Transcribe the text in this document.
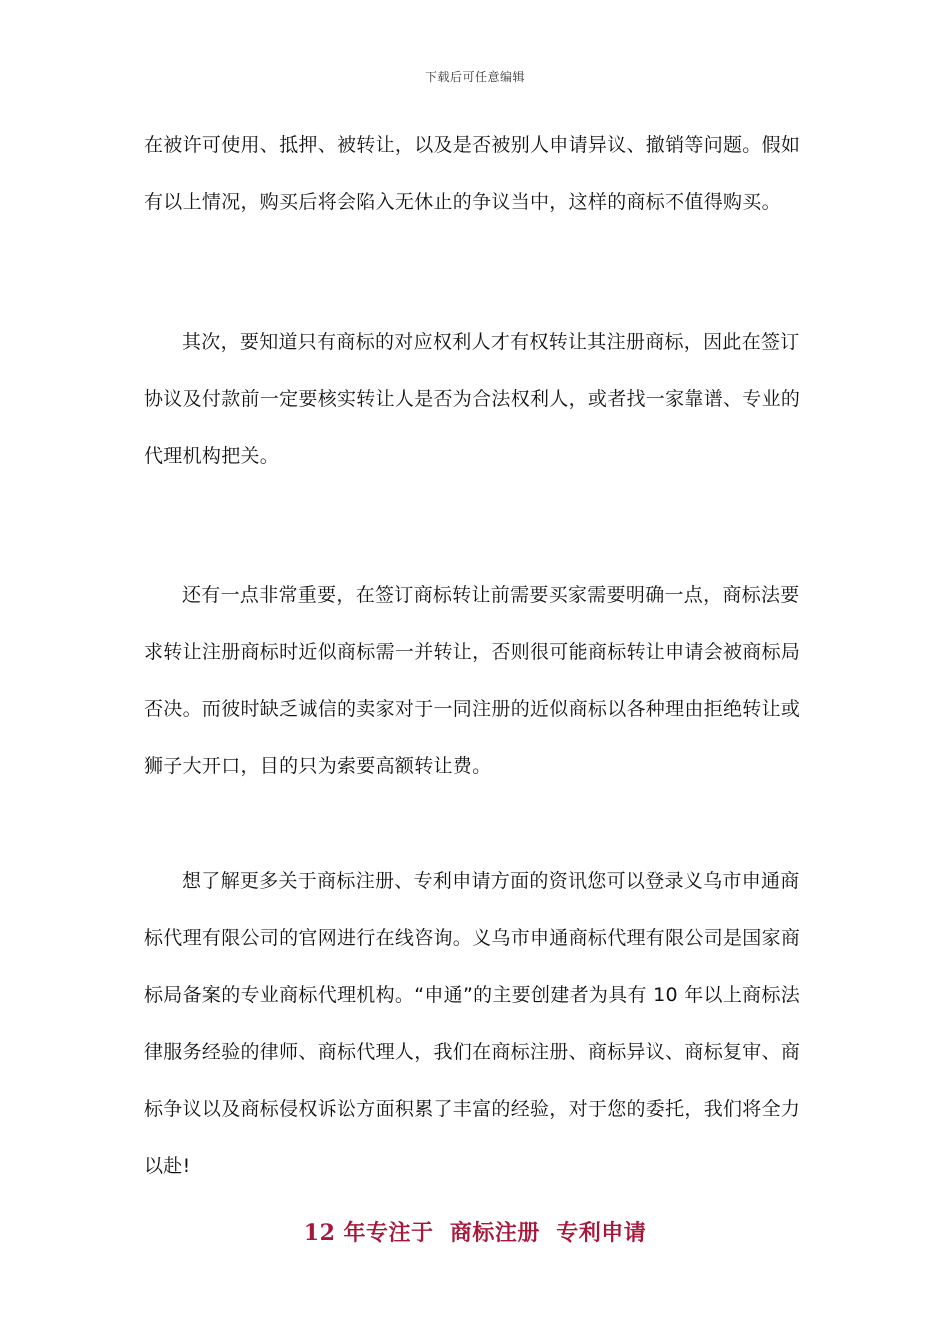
下载后可任意编辑
在被许可使用、抵押、被转让，以及是否被别人申请异议、撤销等问题。假如
有以上情况，购买后将会陷入无休止的争议当中，这样的商标不值得购买。
其次，要知道只有商标的对应权利人才有权转让其注册商标，因此在签订
协议及付款前一定要核实转让人是否为合法权利人，或者找一家靠谱、专业的
代理机构把关。
还有一点非常重要，在签订商标转让前需要买家需要明确一点，商标法要
求转让注册商标时近似商标需一并转让，否则很可能商标转让申请会被商标局
否决。而彼时缺乏诚信的卖家对于一同注册的近似商标以各种理由拒绝转让或
狮子大开口，目的只为索要高额转让费。
想了解更多关于商标注册、专利申请方面的资讯您可以登录义乌市申通商
标代理有限公司的官网进行在线咨询。义乌市申通商标代理有限公司是国家商
标局备案的专业商标代理机构。“申通”的主要创建者为具有 10 年以上商标法
律服务经验的律师、商标代理人，我们在商标注册、商标异议、商标复审、商
标争议以及商标侵权诉讼方面积累了丰富的经验，对于您的委托，我们将全力
以赴!
12 年专注于  商标注册  专利申请
